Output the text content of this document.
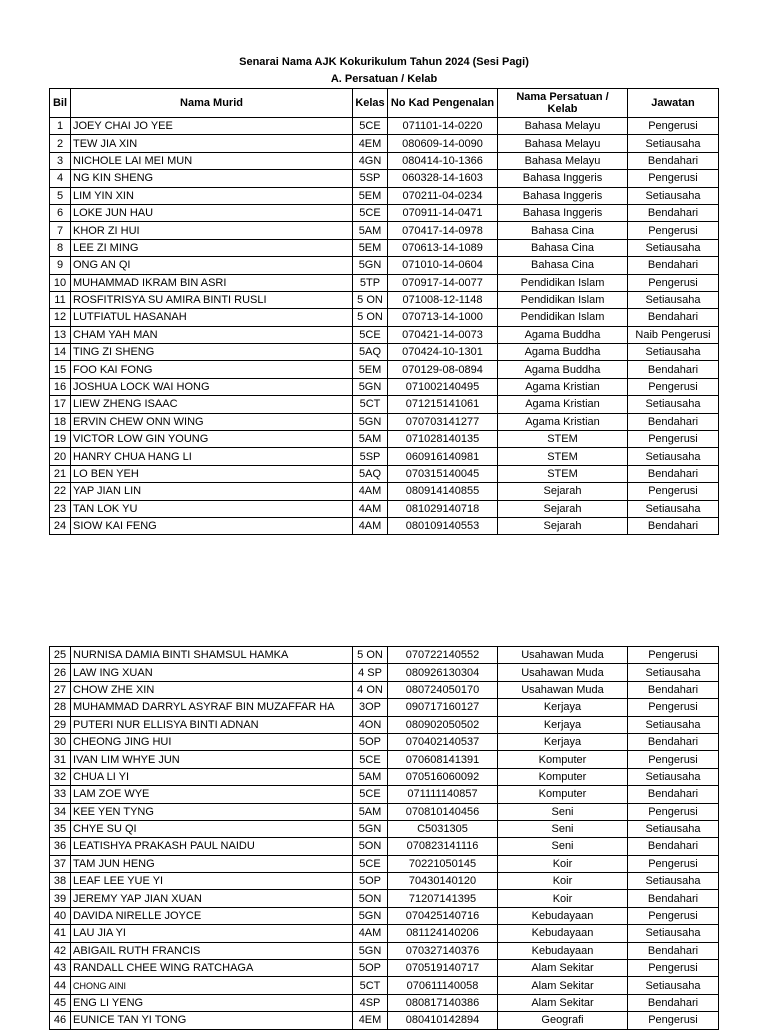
Senarai Nama AJK Kokurikulum Tahun 2024 (Sesi Pagi)
A. Persatuan / Kelab
Bil	Nama Murid	Kelas	No Kad Pengenalan	Nama Persatuan / Kelab	Jawatan
1	JOEY CHAI JO YEE	5CE	071101-14-0220	Bahasa Melayu	Pengerusi
2	TEW JIA XIN	4EM	080609-14-0090	Bahasa Melayu	Setiausaha
3	NICHOLE LAI MEI MUN	4GN	080414-10-1366	Bahasa Melayu	Bendahari
4	NG KIN SHENG	5SP	060328-14-1603	Bahasa Inggeris	Pengerusi
5	LIM YIN XIN	5EM	070211-04-0234	Bahasa Inggeris	Setiausaha
6	LOKE JUN HAU	5CE	070911-14-0471	Bahasa Inggeris	Bendahari
7	KHOR ZI HUI	5AM	070417-14-0978	Bahasa Cina	Pengerusi
8	LEE ZI MING	5EM	070613-14-1089	Bahasa Cina	Setiausaha
9	ONG AN QI	5GN	071010-14-0604	Bahasa Cina	Bendahari
10	MUHAMMAD IKRAM BIN ASRI	5TP	070917-14-0077	Pendidikan Islam	Pengerusi
11	ROSFITRISYA SU AMIRA BINTI RUSLI	5 ON	071008-12-1148	Pendidikan Islam	Setiausaha
12	LUTFIATUL HASANAH	5 ON	070713-14-1000	Pendidikan Islam	Bendahari
13	CHAM YAH MAN	5CE	070421-14-0073	Agama Buddha	Naib Pengerusi
14	TING ZI SHENG	5AQ	070424-10-1301	Agama Buddha	Setiausaha
15	FOO KAI FONG	5EM	070129-08-0894	Agama Buddha	Bendahari
16	JOSHUA LOCK WAI HONG	5GN	071002140495	Agama Kristian	Pengerusi
17	LIEW ZHENG ISAAC	5CT	071215141061	Agama Kristian	Setiausaha
18	ERVIN CHEW ONN WING	5GN	070703141277	Agama Kristian	Bendahari
19	VICTOR LOW GIN YOUNG	5AM	071028140135	STEM	Pengerusi
20	HANRY CHUA HANG LI	5SP	060916140981	STEM	Setiausaha
21	LO BEN YEH	5AQ	070315140045	STEM	Bendahari
22	YAP JIAN LIN	4AM	080914140855	Sejarah	Pengerusi
23	TAN LOK YU	4AM	081029140718	Sejarah	Setiausaha
24	SIOW KAI FENG	4AM	080109140553	Sejarah	Bendahari
25	NURNISA DAMIA BINTI SHAMSUL HAMKA	5 ON	070722140552	Usahawan Muda	Pengerusi
26	LAW ING XUAN	4 SP	080926130304	Usahawan Muda	Setiausaha
27	CHOW ZHE XIN	4 ON	080724050170	Usahawan Muda	Bendahari
28	MUHAMMAD DARRYL ASYRAF BIN MUZAFFAR HA	3OP	090717160127	Kerjaya	Pengerusi
29	PUTERI NUR ELLISYA BINTI ADNAN	4ON	080902050502	Kerjaya	Setiausaha
30	CHEONG JING HUI	5OP	070402140537	Kerjaya	Bendahari
31	IVAN LIM WHYE JUN	5CE	070608141391	Komputer	Pengerusi
32	CHUA LI YI	5AM	070516060092	Komputer	Setiausaha
33	LAM ZOE WYE	5CE	071111140857	Komputer	Bendahari
34	KEE YEN TYNG	5AM	070810140456	Seni	Pengerusi
35	CHYE SU QI	5GN	C5031305	Seni	Setiausaha
36	LEATISHYA PRAKASH PAUL NAIDU	5ON	070823141116	Seni	Bendahari
37	TAM JUN HENG	5CE	70221050145	Koir	Pengerusi
38	LEAF LEE YUE YI	5OP	70430140120	Koir	Setiausaha
39	JEREMY YAP JIAN XUAN	5ON	71207141395	Koir	Bendahari
40	DAVIDA NIRELLE JOYCE	5GN	070425140716	Kebudayaan	Pengerusi
41	LAU JIA YI	4AM	081124140206	Kebudayaan	Setiausaha
42	ABIGAIL RUTH FRANCIS	5GN	070327140376	Kebudayaan	Bendahari
43	RANDALL CHEE WING RATCHAGA	5OP	070519140717	Alam Sekitar	Pengerusi
44	CHONG AINI	5CT	070611140058	Alam Sekitar	Setiausaha
45	ENG LI YENG	4SP	080817140386	Alam Sekitar	Bendahari
46	EUNICE TAN YI TONG	4EM	080410142894	Geografi	Pengerusi
